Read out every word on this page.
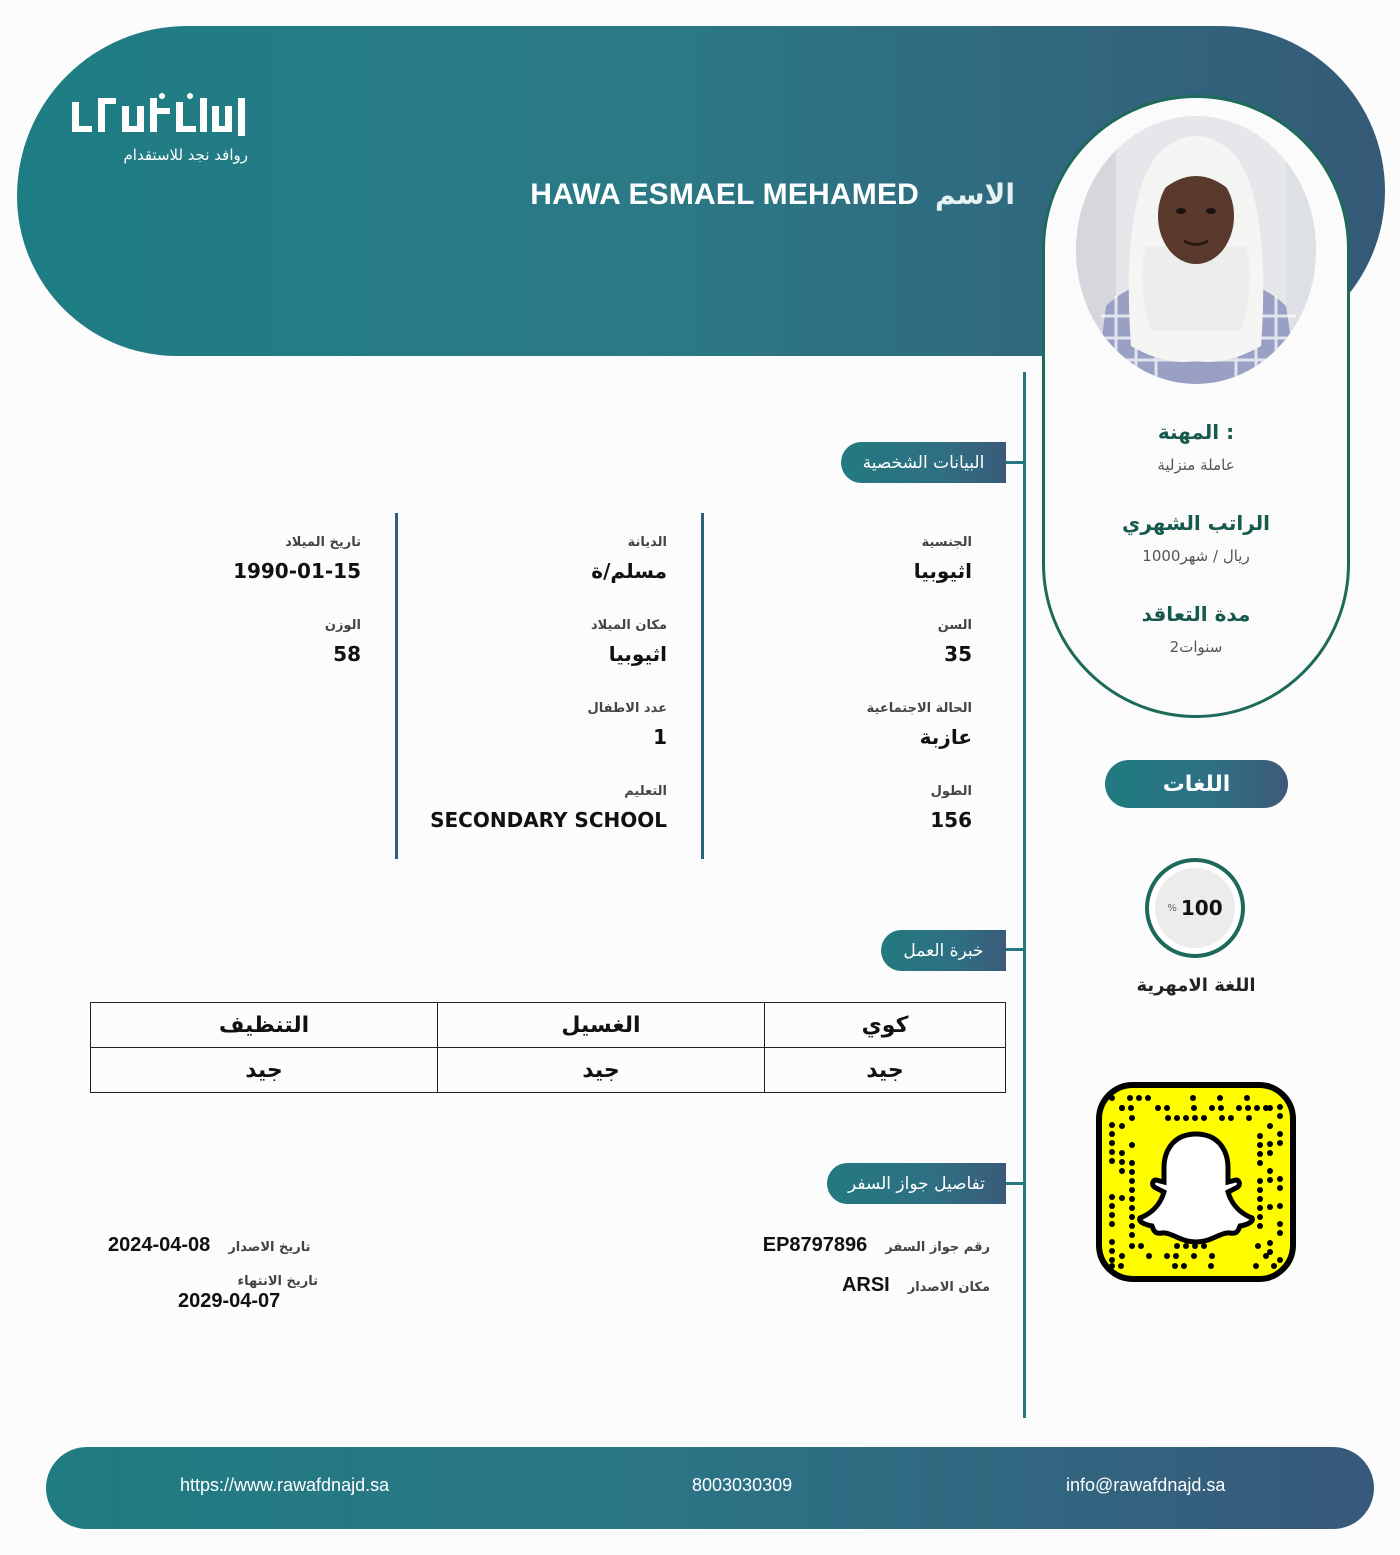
روافد نجد للاستقدام
HAWA ESMAEL MEHAMED الاسم
المهنة :
عاملة منزلية
الراتب الشهري
1000ريال / شهر
مدة التعاقد
2سنوات
البيانات الشخصية
الجنسية
اثيوبيا
السن
35
الحالة الاجتماعية
عازبة
الطول
156
الديانة
مسلم/ة
مكان الميلاد
اثيوبيا
عدد الاطفال
1
التعليم
SECONDARY SCHOOL
تاريخ الميلاد
1990-01-15
الوزن
58
خبرة العمل
كوي	الغسيل	التنظيف
جيد	جيد	جيد
تفاصيل جواز السفر
EP8797896 رقم جواز السفر
ARSI مكان الاصدار
2024-04-08 تاريخ الاصدار
تاريخ الانتهاء
2029-04-07
اللغات
% 100
اللغة الامهرية
https://www.rawafdnajd.sa	8003030309	info@rawafdnajd.sa
